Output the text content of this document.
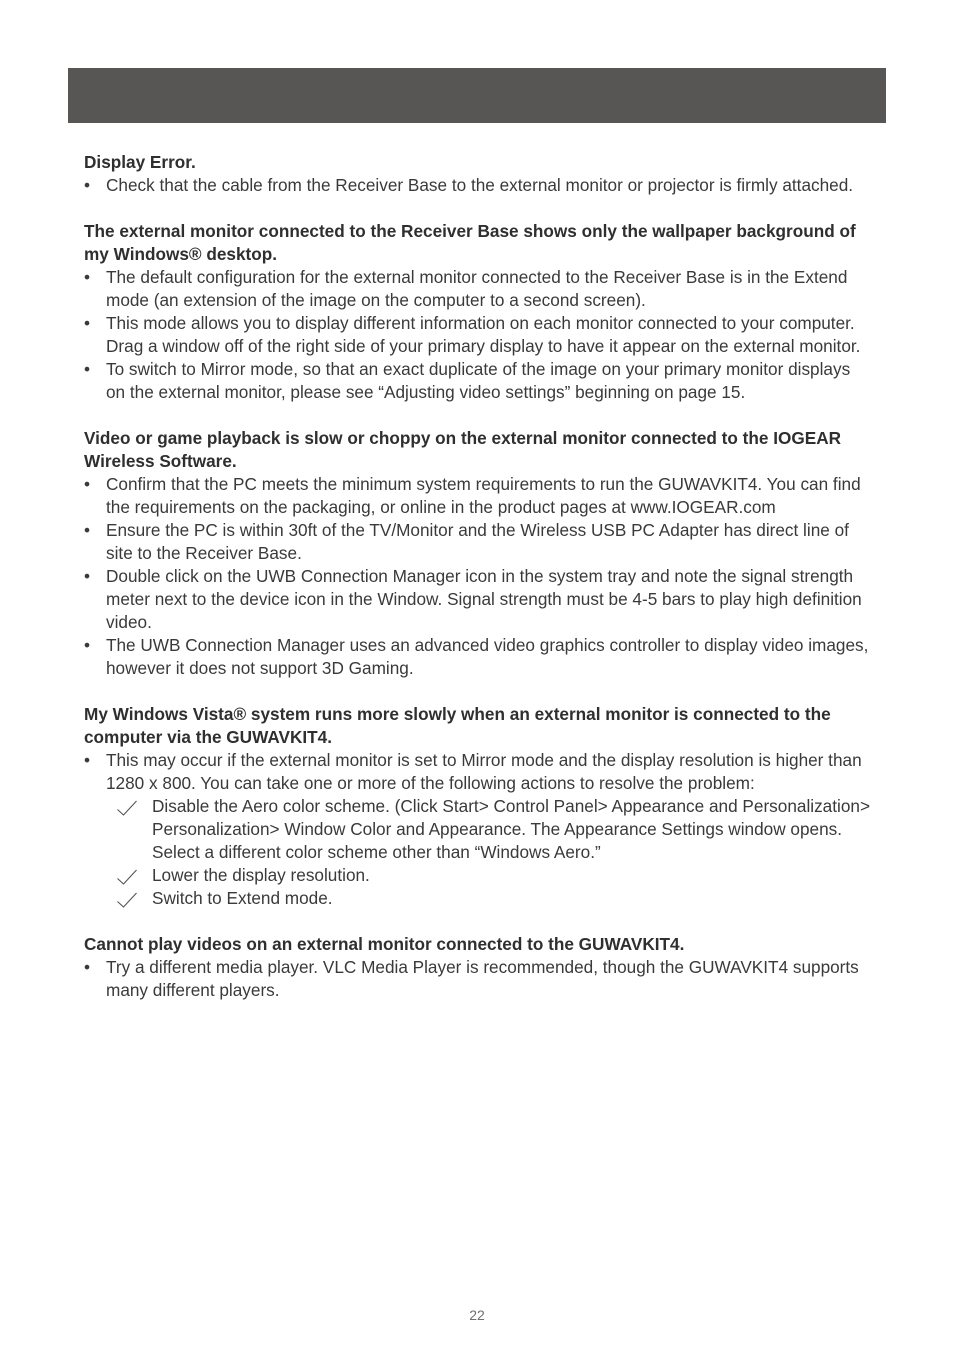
Display Error.
• Check that the cable from the Receiver Base to the external monitor or projector is firmly attached.
The external monitor connected to the Receiver Base shows only the wallpaper background of my Windows® desktop.
• The default configuration for the external monitor connected to the Receiver Base is in the Extend mode (an extension of the image on the computer to a second screen).
• This mode allows you to display different information on each monitor connected to your computer. Drag a window off of the right side of your primary display to have it appear on the external monitor.
• To switch to Mirror mode, so that an exact duplicate of the image on your primary monitor displays on the external monitor, please see “Adjusting video settings” beginning on page 15.
Video or game playback is slow or choppy on the external monitor connected to the IOGEAR Wireless Software.
• Confirm that the PC meets the minimum system requirements to run the GUWAVKIT4. You can find the requirements on the packaging, or online in the product pages at www.IOGEAR.com
• Ensure the PC is within 30ft of the TV/Monitor and the Wireless USB PC Adapter has direct line of site to the Receiver Base.
• Double click on the UWB Connection Manager icon in the system tray and note the signal strength meter next to the device icon in the Window. Signal strength must be 4-5 bars to play high definition video.
• The UWB Connection Manager uses an advanced video graphics controller to display video images, however it does not support 3D Gaming.
My Windows Vista® system runs more slowly when an external monitor is connected to the computer via the GUWAVKIT4.
• This may occur if the external monitor is set to Mirror mode and the display resolution is higher than 1280 x 800. You can take one or more of the following actions to resolve the problem:
Disable the Aero color scheme. (Click Start> Control Panel> Appearance and Personalization> Personalization> Window Color and Appearance. The Appearance Settings window opens. Select a different color scheme other than “Windows Aero.”
Lower the display resolution.
Switch to Extend mode.
Cannot play videos on an external monitor connected to the GUWAVKIT4.
• Try a different media player. VLC Media Player is recommended, though the GUWAVKIT4 supports many different players.
22
